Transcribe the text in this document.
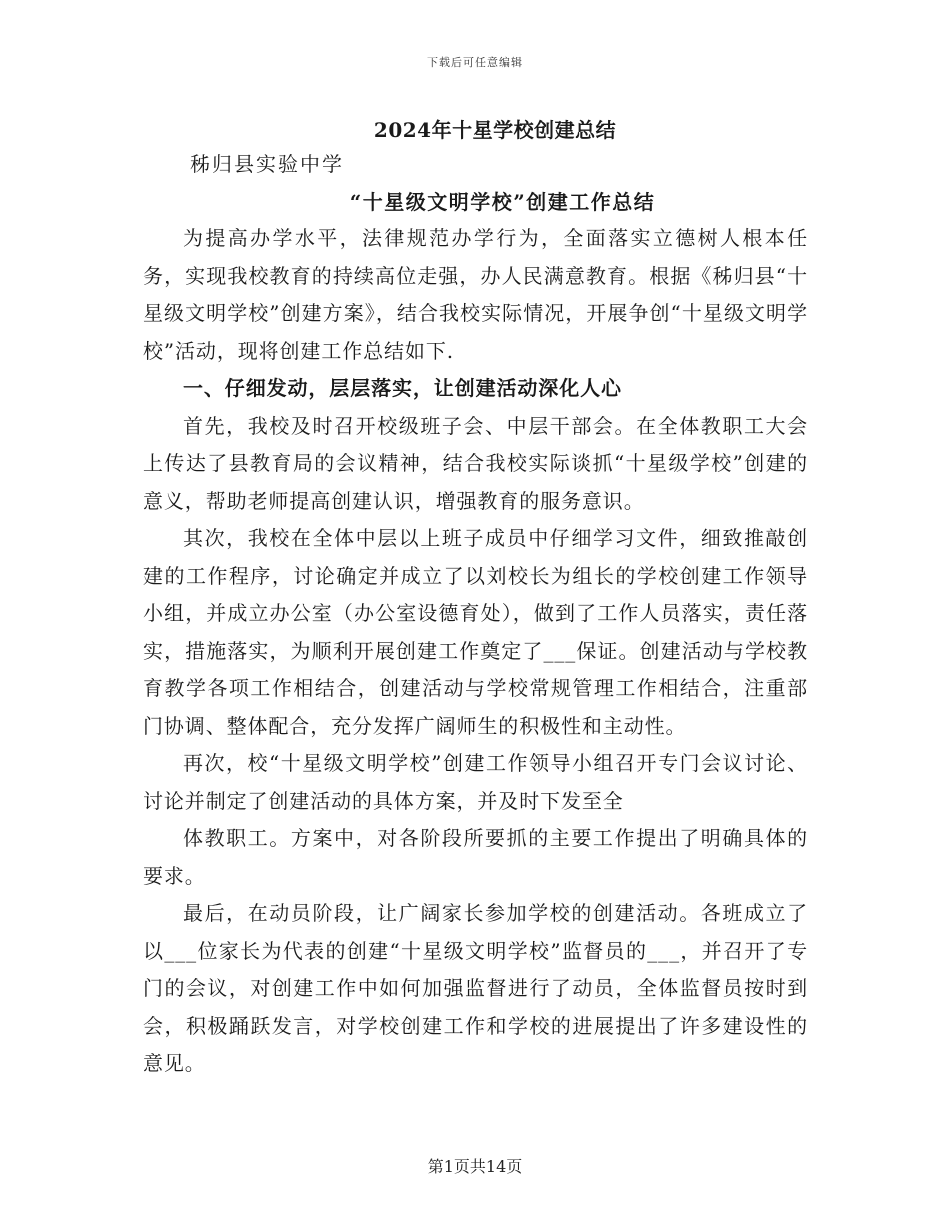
下载后可任意编辑
2024年十星学校创建总结
秭归县实验中学
“十星级文明学校”创建工作总结

为提高办学水平，法律规范办学行为，全面落实立德树人根本任务，实现我校教育的持续高位走强，办人民满意教育。根据《秭归县“十星级文明学校”创建方案》，结合我校实际情况，开展争创“十星级文明学校”活动，现将创建工作总结如下.

一、仔细发动，层层落实，让创建活动深化人心

首先，我校及时召开校级班子会、中层干部会。在全体教职工大会上传达了县教育局的会议精神，结合我校实际谈抓“十星级学校”创建的意义，帮助老师提高创建认识，增强教育的服务意识。

其次，我校在全体中层以上班子成员中仔细学习文件，细致推敲创建的工作程序，讨论确定并成立了以刘校长为组长的学校创建工作领导小组，并成立办公室（办公室设德育处），做到了工作人员落实，责任落实，措施落实，为顺利开展创建工作奠定了___保证。创建活动与学校教育教学各项工作相结合，创建活动与学校常规管理工作相结合，注重部门协调、整体配合，充分发挥广阔师生的积极性和主动性。

再次，校“十星级文明学校”创建工作领导小组召开专门会议讨论、讨论并制定了创建活动的具体方案，并及时下发至全

体教职工。方案中，对各阶段所要抓的主要工作提出了明确具体的要求。

最后，在动员阶段，让广阔家长参加学校的创建活动。各班成立了以___位家长为代表的创建“十星级文明学校”监督员的___，并召开了专门的会议，对创建工作中如何加强监督进行了动员，全体监督员按时到会，积极踊跃发言，对学校创建工作和学校的进展提出了许多建设性的意见。

第1页共14页
